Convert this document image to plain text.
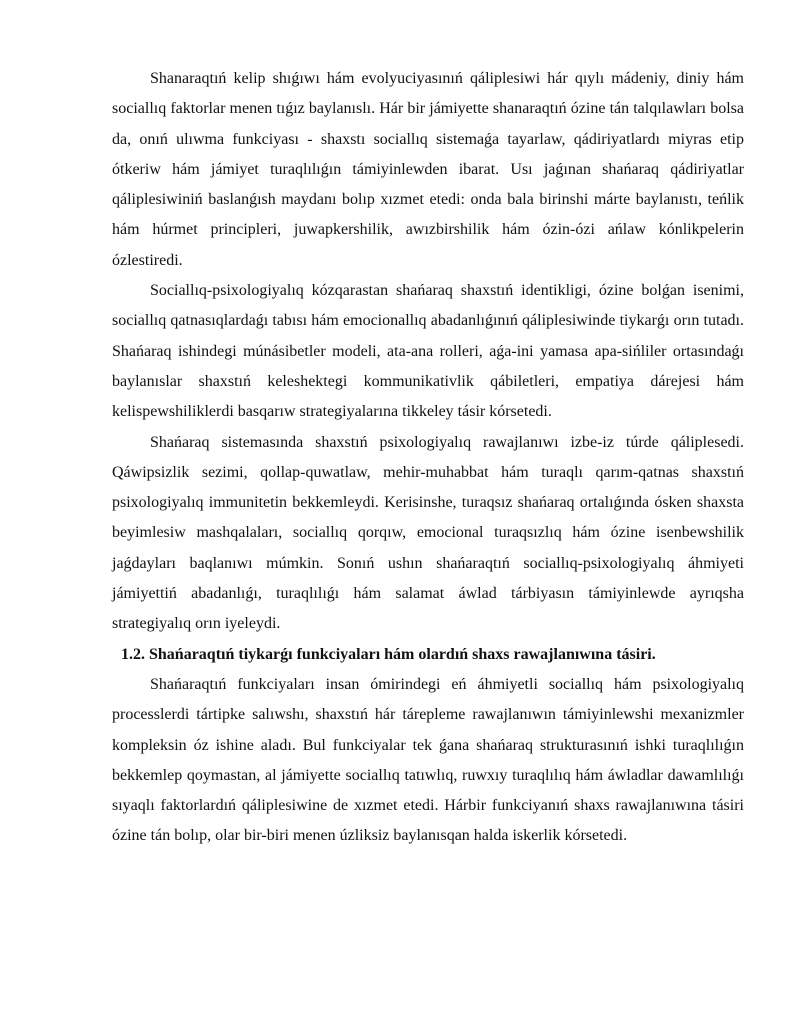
Shanaraqtıń kelip shıǵıwı hám evolyuciyasınıń qáliplesiwi hár qıylı mádeniy, diniy hám sociallıq faktorlar menen tıǵız baylanıslı. Hár bir jámiyette shanaraqtıń ózine tán talqılawları bolsa da, onıń ulıwma funkciyası - shaxstı sociallıq sistemaǵa tayarlaw, qádiriyatlardı miyras etip ótkeriw hám jámiyet turaqlılıǵın támiyinlewden ibarat. Usı jaǵınan shańaraq qádiriyatlar qáliplesiwiniń baslanǵısh maydanı bolıp xızmet etedi: onda bala birinshi márte baylanıstı, teńlik hám húrmet principleri, juwapkershilik, awızbirshilik hám ózin-ózi ańlaw kónlikpelerin ózlestiredi.

Sociallıq-psixologiyalıq kózqarastan shańaraq shaxstıń identikligi, ózine bolǵan isenimi, sociallıq qatnasıqlardaǵı tabısı hám emocionallıq abadanlıǵınıń qáliplesiwinde tiykarǵı orın tutadı. Shańaraq ishindegi múnásibetler modeli, ata-ana rolleri, aǵa-ini yamasa apa-sińliler ortasındaǵı baylanıslar shaxstıń keleshektegi kommunikativlik qábiletleri, empatiya dárejesi hám kelispewshiliklerdi basqarıw strategiyalarına tikkeley tásir kórsetedi.

Shańaraq sistemasında shaxstıń psixologiyalıq rawajlanıwı izbe-iz túrde qáliplesedi. Qáwipsizlik sezimi, qollap-quwatlaw, mehir-muhabbat hám turaqlı qarım-qatnas shaxstıń psixologiyalıq immunitetin bekkemleydi. Kerisinshe, turaqsız shańaraq ortalıǵında ósken shaxsta beyimlesiw mashqalaları, sociallıq qorqıw, emocional turaqsızlıq hám ózine isenbewshilik jaǵdayları baqlanıwı múmkin. Sonıń ushın shańaraqtıń sociallıq-psixologiyalıq áhmiyeti jámiyettiń abadanlıǵı, turaqlılıǵı hám salamat áwlad tárbiyasın támiyinlewde ayrıqsha strategiyalıq orın iyeleydi.

1.2. Shańaraqtıń tiykarǵı funkciyaları hám olardıń shaxs rawajlanıwına tásiri.

Shańaraqtıń funkciyaları insan ómirindegi eń áhmiyetli sociallıq hám psixologiyalıq processlerdi tártipke salıwshı, shaxstıń hár tárepleme rawajlanıwın támiyinlewshi mexanizmler kompleksin óz ishine aladı. Bul funkciyalar tek ǵana shańaraq strukturasınıń ishki turaqlılıǵın bekkemlep qoymastan, al jámiyette sociallıq tatıwlıq, ruwxıy turaqlılıq hám áwladlar dawamlılıǵı sıyaqlı faktorlardıń qáliplesiwine de xızmet etedi. Hárbir funkciyanıń shaxs rawajlanıwına tásiri ózine tán bolıp, olar bir-biri menen úzliksiz baylanısqan halda iskerlik kórsetedi.
